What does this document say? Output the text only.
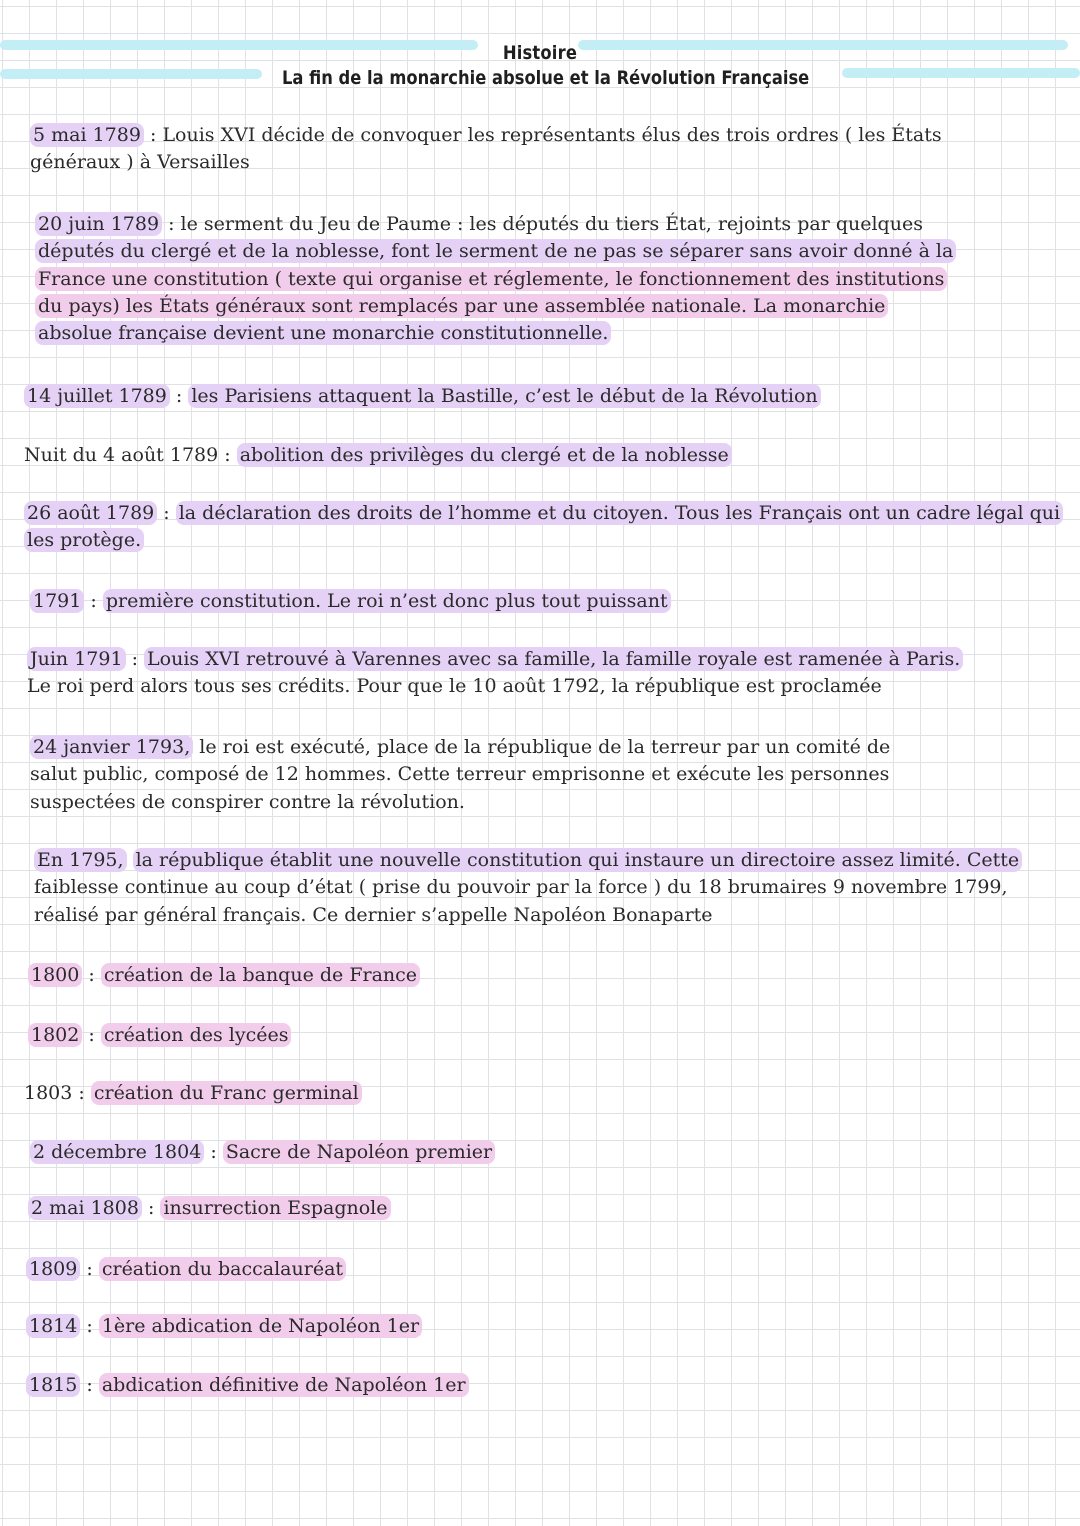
Histoire
La fin de la monarchie absolue et la Révolution Française
5 mai 1789 : Louis XVI décide de convoquer les représentants élus des trois ordres ( les États
généraux ) à Versailles
20 juin 1789 : le serment du Jeu de Paume : les députés du tiers État, rejoints par quelques
députés du clergé et de la noblesse, font le serment de ne pas se séparer sans avoir donné à la
France une constitution ( texte qui organise et réglemente, le fonctionnement des institutions
du pays) les États généraux sont remplacés par une assemblée nationale. La monarchie
absolue française devient une monarchie constitutionnelle.
14 juillet 1789 : les Parisiens attaquent la Bastille, c’est le début de la Révolution
Nuit du 4 août 1789 : abolition des privilèges du clergé et de la noblesse
26 août 1789 : la déclaration des droits de l’homme et du citoyen. Tous les Français ont un cadre légal qui
les protège.
1791 : première constitution. Le roi n’est donc plus tout puissant
Juin 1791 : Louis XVI retrouvé à Varennes avec sa famille, la famille royale est ramenée à Paris.
Le roi perd alors tous ses crédits. Pour que le 10 août 1792, la république est proclamée
24 janvier 1793, le roi est exécuté, place de la république de la terreur par un comité de
salut public, composé de 12 hommes. Cette terreur emprisonne et exécute les personnes
suspectées de conspirer contre la révolution.
En 1795, la république établit une nouvelle constitution qui instaure un directoire assez limité. Cette
faiblesse continue au coup d’état ( prise du pouvoir par la force ) du 18 brumaires 9 novembre 1799,
réalisé par général français. Ce dernier s’appelle Napoléon Bonaparte
1800 : création de la banque de France
1802 : création des lycées
1803 : création du Franc germinal
2 décembre 1804 : Sacre de Napoléon premier
2 mai 1808 : insurrection Espagnole
1809 : création du baccalauréat
1814 : 1ère abdication de Napoléon 1er
1815 : abdication définitive de Napoléon 1er
